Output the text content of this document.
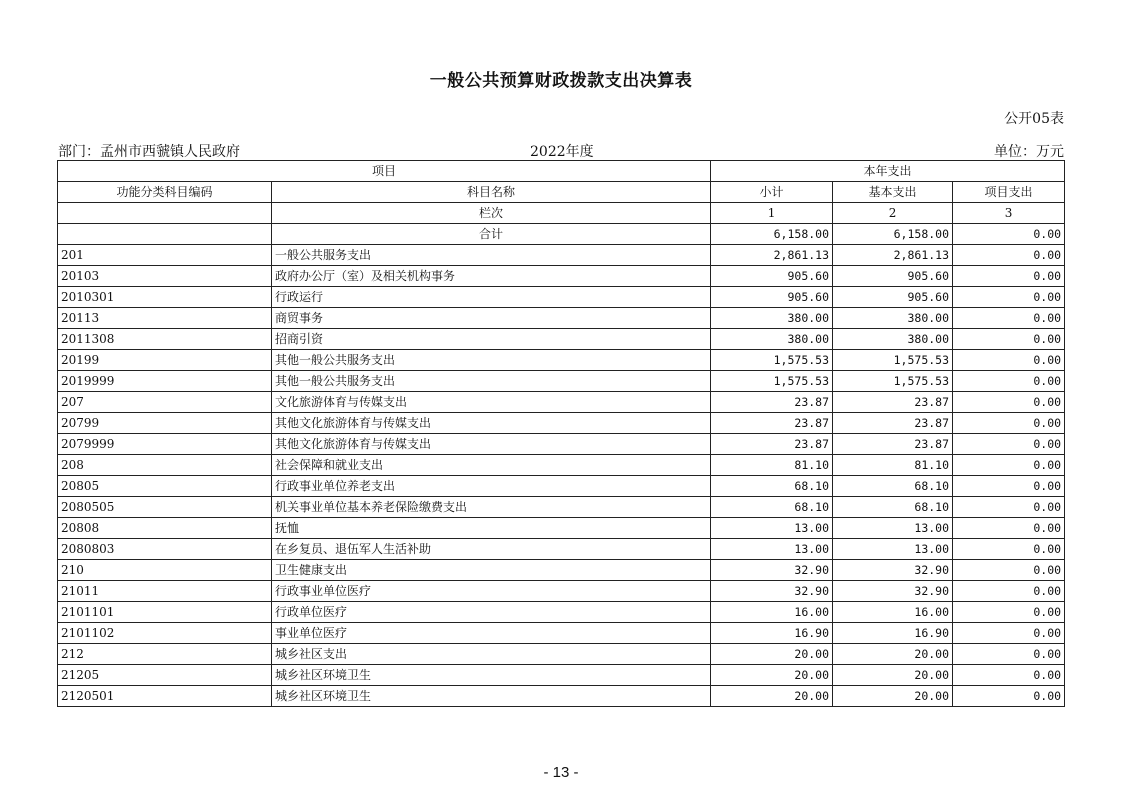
一般公共预算财政拨款支出决算表
公开05表
部门：孟州市西虢镇人民政府	2022年度	单位：万元
项目		本年支出		
功能分类科目编码	科目名称	小计	基本支出	项目支出
	栏次	1	2	3
	合计	6,158.00	6,158.00	0.00
201	一般公共服务支出	2,861.13	2,861.13	0.00
20103	政府办公厅（室）及相关机构事务	905.60	905.60	0.00
2010301	行政运行	905.60	905.60	0.00
20113	商贸事务	380.00	380.00	0.00
2011308	招商引资	380.00	380.00	0.00
20199	其他一般公共服务支出	1,575.53	1,575.53	0.00
2019999	其他一般公共服务支出	1,575.53	1,575.53	0.00
207	文化旅游体育与传媒支出	23.87	23.87	0.00
20799	其他文化旅游体育与传媒支出	23.87	23.87	0.00
2079999	其他文化旅游体育与传媒支出	23.87	23.87	0.00
208	社会保障和就业支出	81.10	81.10	0.00
20805	行政事业单位养老支出	68.10	68.10	0.00
2080505	机关事业单位基本养老保险缴费支出	68.10	68.10	0.00
20808	抚恤	13.00	13.00	0.00
2080803	在乡复员、退伍军人生活补助	13.00	13.00	0.00
210	卫生健康支出	32.90	32.90	0.00
21011	行政事业单位医疗	32.90	32.90	0.00
2101101	行政单位医疗	16.00	16.00	0.00
2101102	事业单位医疗	16.90	16.90	0.00
212	城乡社区支出	20.00	20.00	0.00
21205	城乡社区环境卫生	20.00	20.00	0.00
2120501	城乡社区环境卫生	20.00	20.00	0.00
- 13 -
